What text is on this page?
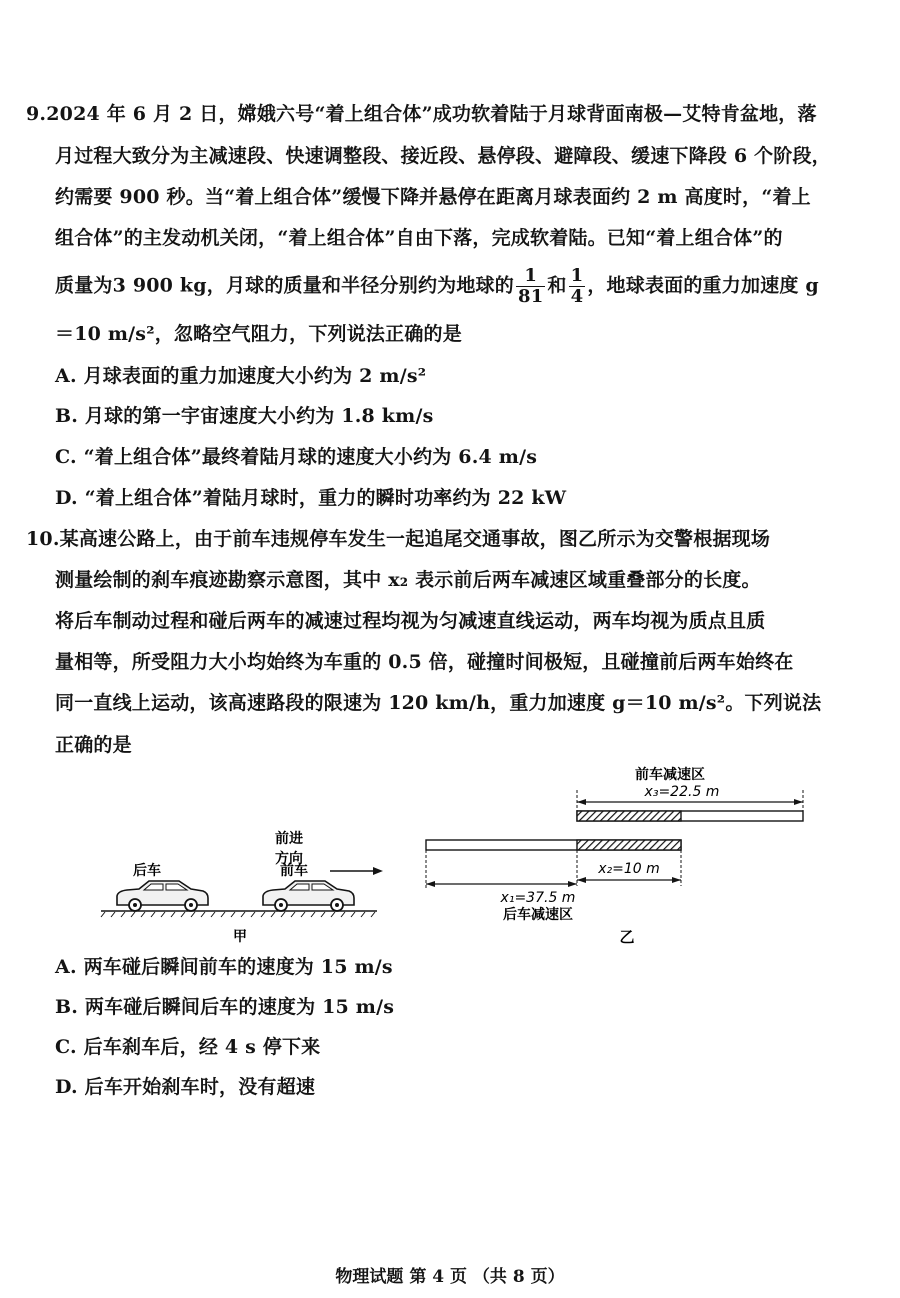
9.2024 年 6 月 2 日，嫦娥六号“着上组合体”成功软着陆于月球背面南极—艾特肯盆地，落
月过程大致分为主减速段、快速调整段、接近段、悬停段、避障段、缓速下降段 6 个阶段，
约需要 900 秒。当“着上组合体”缓慢下降并悬停在距离月球表面约 2 m 高度时，“着上
组合体”的主发动机关闭，“着上组合体”自由下落，完成软着陆。已知“着上组合体”的
质量为3 900 kg，月球的质量和半径分别约为地球的 $\frac{1}{81}$ 和 $\frac{1}{4}$ ，地球表面的重力加速度 g
＝10 m/s²，忽略空气阻力，下列说法正确的是
A. 月球表面的重力加速度大小约为 2 m/s²
B. 月球的第一宇宙速度大小约为 1.8 km/s
C. “着上组合体”最终着陆月球的速度大小约为 6.4 m/s
D. “着上组合体”着陆月球时，重力的瞬时功率约为 22 kW
10.某高速公路上，由于前车违规停车发生一起追尾交通事故，图乙所示为交警根据现场
测量绘制的刹车痕迹勘察示意图，其中 x₂ 表示前后两车减速区域重叠部分的长度。
将后车制动过程和碰后两车的减速过程均视为匀减速直线运动，两车均视为质点且质
量相等，所受阻力大小均始终为车重的 0.5 倍，碰撞时间极短，且碰撞前后两车始终在
同一直线上运动，该高速路段的限速为 120 km/h，重力加速度 g＝10 m/s²。下列说法
正确的是
前进
方向
后车	前车
甲
前车减速区
x₃=22.5 m
x₂=10 m
x₁=37.5 m
后车减速区
乙
A. 两车碰后瞬间前车的速度为 15 m/s
B. 两车碰后瞬间后车的速度为 15 m/s
C. 后车刹车后，经 4 s 停下来
D. 后车开始刹车时，没有超速
物理试题 第 4 页 （共 8 页）
